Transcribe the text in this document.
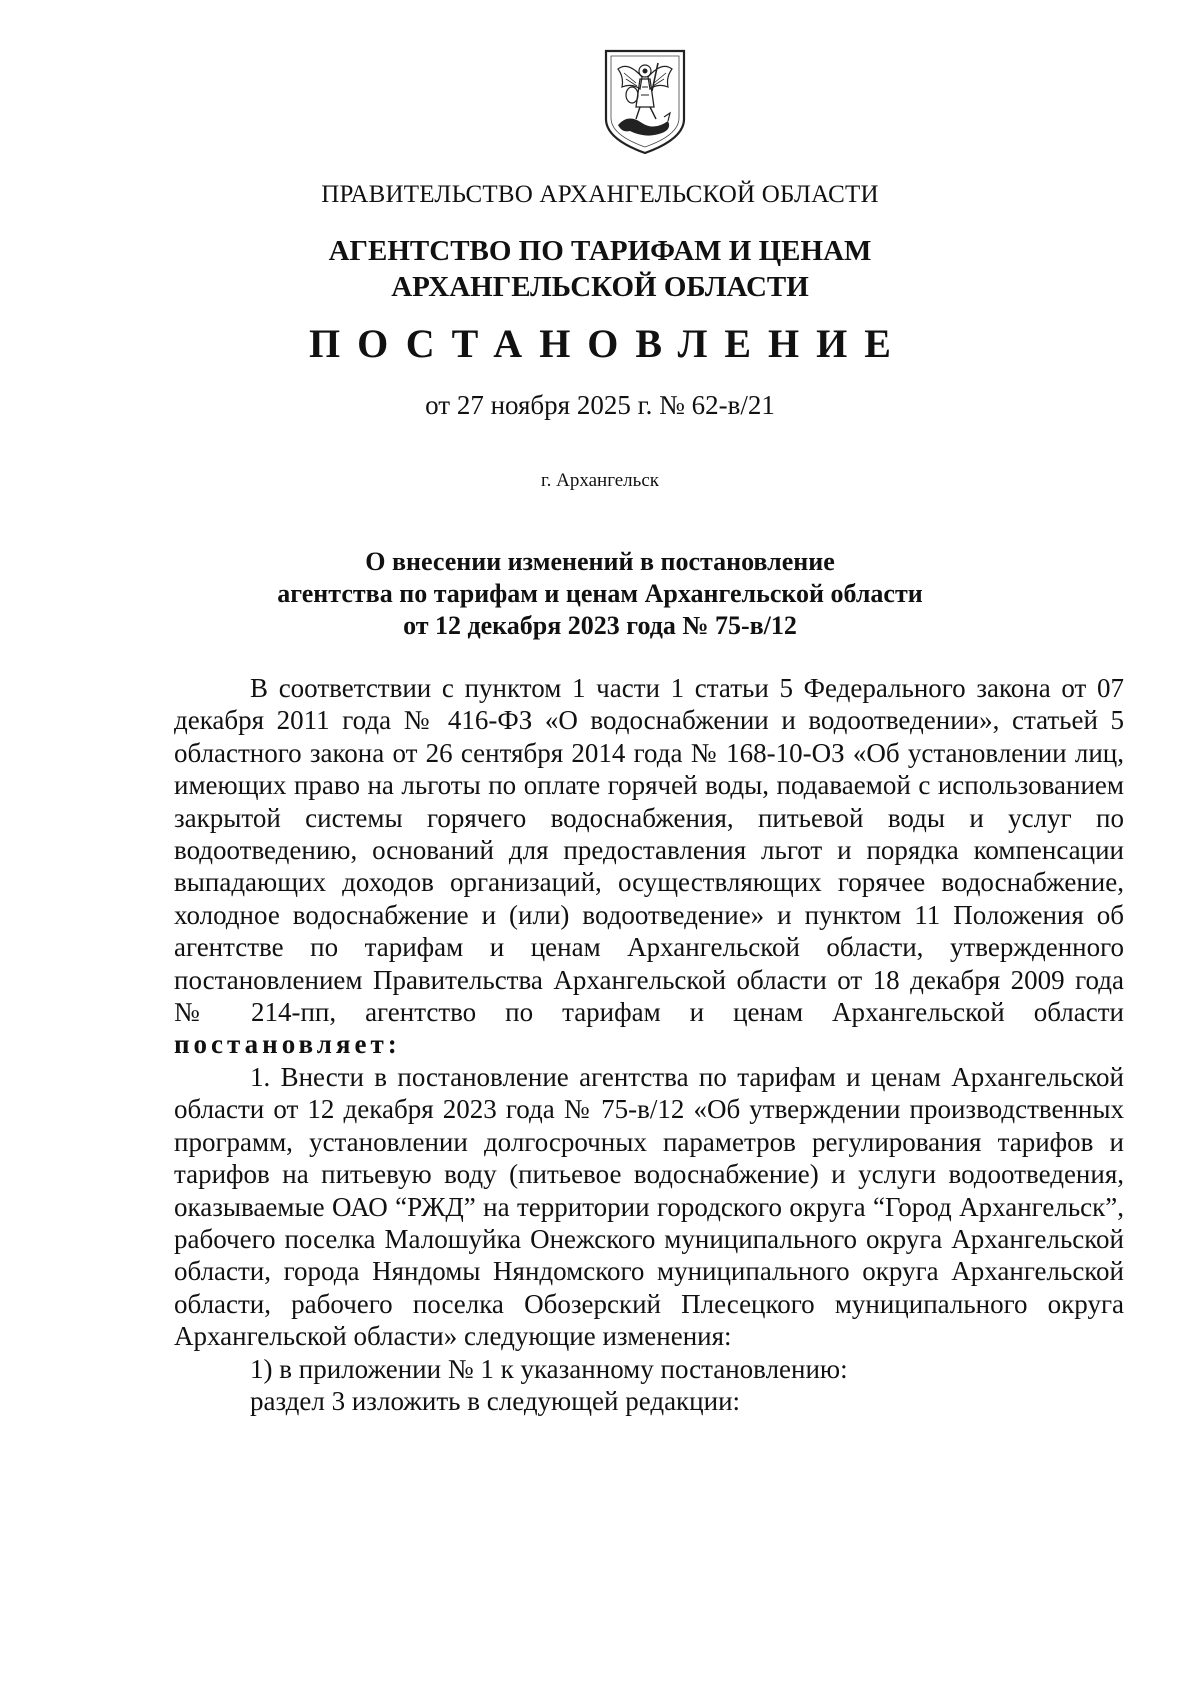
ПРАВИТЕЛЬСТВО АРХАНГЕЛЬСКОЙ ОБЛАСТИ
АГЕНТСТВО ПО ТАРИФАМ И ЦЕНАМ
АРХАНГЕЛЬСКОЙ ОБЛАСТИ
ПОСТАНОВЛЕНИЕ
от 27 ноября 2025 г. № 62-в/21
г. Архангельск
О внесении изменений в постановление
агентства по тарифам и ценам Архангельской области
от 12 декабря 2023 года № 75-в/12

В соответствии с пунктом 1 части 1 статьи 5 Федерального закона от 07 декабря 2011 года № 416-ФЗ «О водоснабжении и водоотведении», статьей 5 областного закона от 26 сентября 2014 года № 168-10-ОЗ «Об установлении лиц, имеющих право на льготы по оплате горячей воды, подаваемой с использованием закрытой системы горячего водоснабжения, питьевой воды и услуг по водоотведению, оснований для предоставления льгот и порядка компенсации выпадающих доходов организаций, осуществляющих горячее водоснабжение, холодное водоснабжение и (или) водоотведение» и пунктом 11 Положения об агентстве по тарифам и ценам Архангельской области, утвержденного постановлением Правительства Архангельской области от 18 декабря 2009 года № 214-пп, агентство по тарифам и ценам Архангельской области постановляет:

1. Внести в постановление агентства по тарифам и ценам Архангельской области от 12 декабря 2023 года № 75-в/12 «Об утверждении производственных программ, установлении долгосрочных параметров регулирования тарифов и тарифов на питьевую воду (питьевое водоснабжение) и услуги водоотведения, оказываемые ОАО “РЖД” на территории городского округа “Город Архангельск”, рабочего поселка Малошуйка Онежского муниципального округа Архангельской области, города Няндомы Няндомского муниципального округа Архангельской области, рабочего поселка Обозерский Плесецкого муниципального округа Архангельской области» следующие изменения:

1) в приложении № 1 к указанному постановлению:

раздел 3 изложить в следующей редакции:
